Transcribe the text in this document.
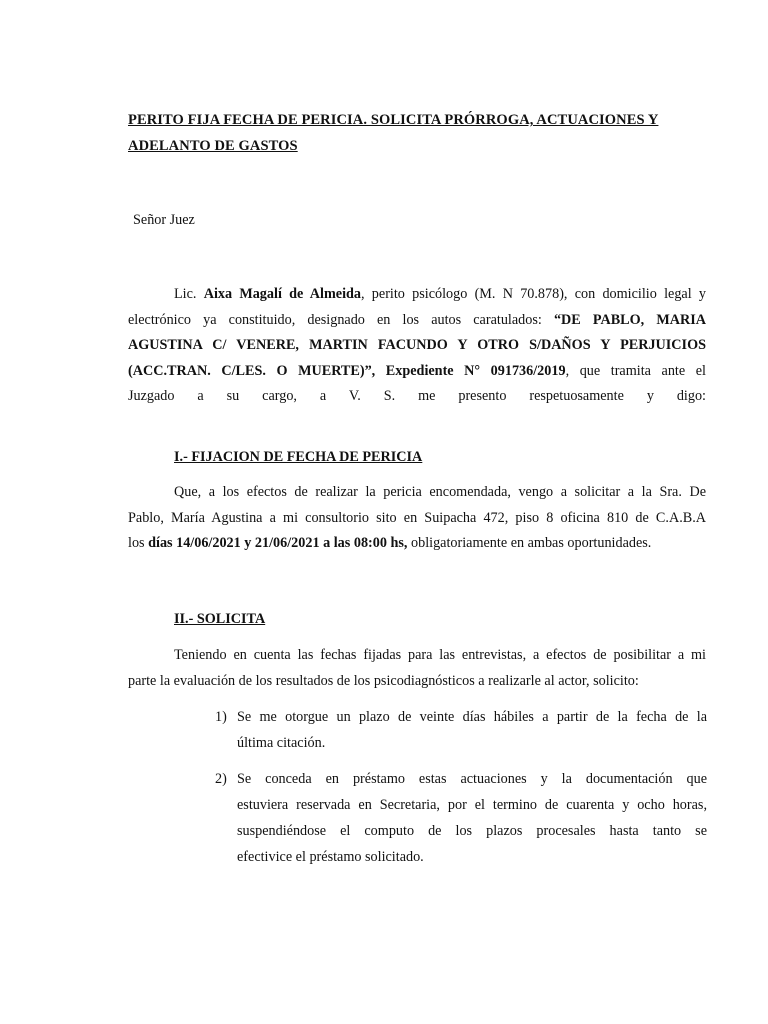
PERITO FIJA FECHA DE PERICIA. SOLICITA PRÓRROGA, ACTUACIONES Y
ADELANTO DE GASTOS
Señor Juez
Lic. Aixa Magalí de Almeida, perito psicólogo (M. N 70.878), con domicilio legal y
electrónico ya constituido, designado en los autos caratulados: “DE PABLO, MARIA
AGUSTINA C/ VENERE, MARTIN FACUNDO Y OTRO S/DAÑOS Y PERJUICIOS
(ACC.TRAN. C/LES. O MUERTE)”, Expediente N° 091736/2019, que tramita ante el
Juzgado a su cargo, a V. S. me presento respetuosamente y digo:
I.- FIJACION DE FECHA DE PERICIA
Que, a los efectos de realizar la pericia encomendada, vengo a solicitar a la Sra. De
Pablo, María Agustina a mi consultorio sito en Suipacha 472, piso 8 oficina 810 de C.A.B.A
los días 14/06/2021 y 21/06/2021 a las 08:00 hs, obligatoriamente en ambas oportunidades.
II.- SOLICITA
Teniendo en cuenta las fechas fijadas para las entrevistas, a efectos de posibilitar a mi
parte la evaluación de los resultados de los psicodiagnósticos a realizarle al actor, solicito:
1) Se me otorgue un plazo de veinte días hábiles a partir de la fecha de la
última citación.
2) Se conceda en préstamo estas actuaciones y la documentación que
estuviera reservada en Secretaria, por el termino de cuarenta y ocho horas,
suspendiéndose el computo de los plazos procesales hasta tanto se
efectivice el préstamo solicitado.
